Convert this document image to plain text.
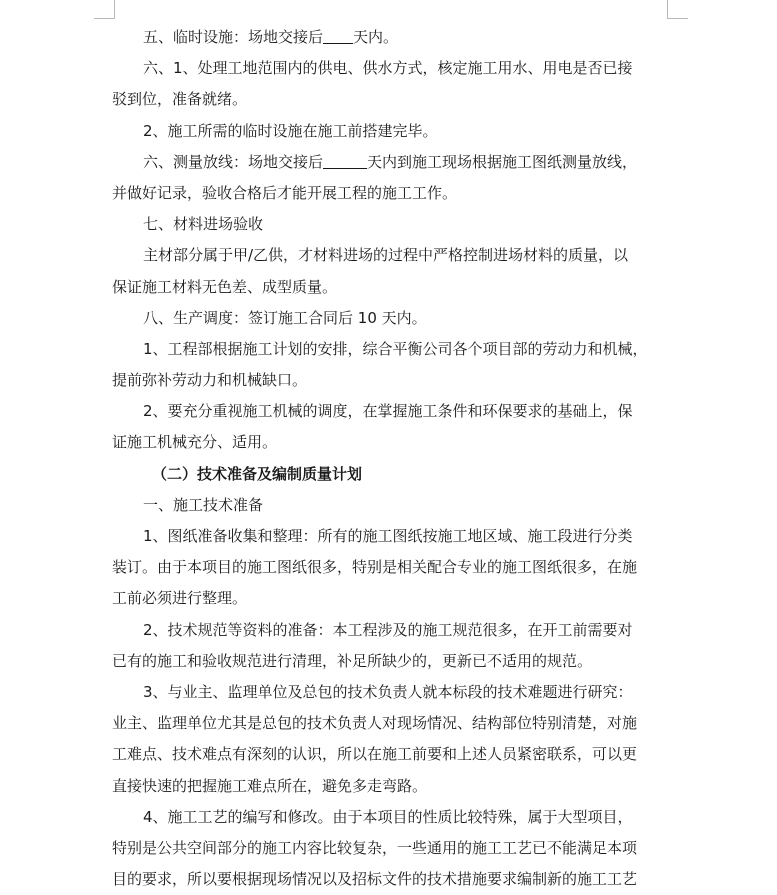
五、临时设施：场地交接后 天内。
六、1、处理工地范围内的供电、供水方式，核定施工用水、用电是否已接
驳到位，准备就绪。
2、施工所需的临时设施在施工前搭建完毕。
六、测量放线：场地交接后	天内到施工现场根据施工图纸测量放线，
并做好记录，验收合格后才能开展工程的施工工作。
七、材料进场验收
主材部分属于甲/乙供，才材料进场的过程中严格控制进场材料的质量，以
保证施工材料无色差、成型质量。
八、生产调度：签订施工合同后 10 天内。
1、工程部根据施工计划的安排，综合平衡公司各个项目部的劳动力和机械，
提前弥补劳动力和机械缺口。
2、要充分重视施工机械的调度，在掌握施工条件和环保要求的基础上，保
证施工机械充分、适用。
（二）技术准备及编制质量计划
一、施工技术准备
1、图纸准备收集和整理：所有的施工图纸按施工地区域、施工段进行分类
装订。由于本项目的施工图纸很多，特别是相关配合专业的施工图纸很多，在施
工前必须进行整理。
2、技术规范等资料的准备：本工程涉及的施工规范很多，在开工前需要对
已有的施工和验收规范进行清理，补足所缺少的，更新已不适用的规范。
3、与业主、监理单位及总包的技术负责人就本标段的技术难题进行研究：
业主、监理单位尤其是总包的技术负责人对现场情况、结构部位特别清楚，对施
工难点、技术难点有深刻的认识，所以在施工前要和上述人员紧密联系，可以更
直接快速的把握施工难点所在，避免多走弯路。
4、施工工艺的编写和修改。由于本项目的性质比较特殊，属于大型项目，
特别是公共空间部分的施工内容比较复杂，一些通用的施工工艺已不能满足本项
目的要求，所以要根据现场情况以及招标文件的技术措施要求编制新的施工工艺
